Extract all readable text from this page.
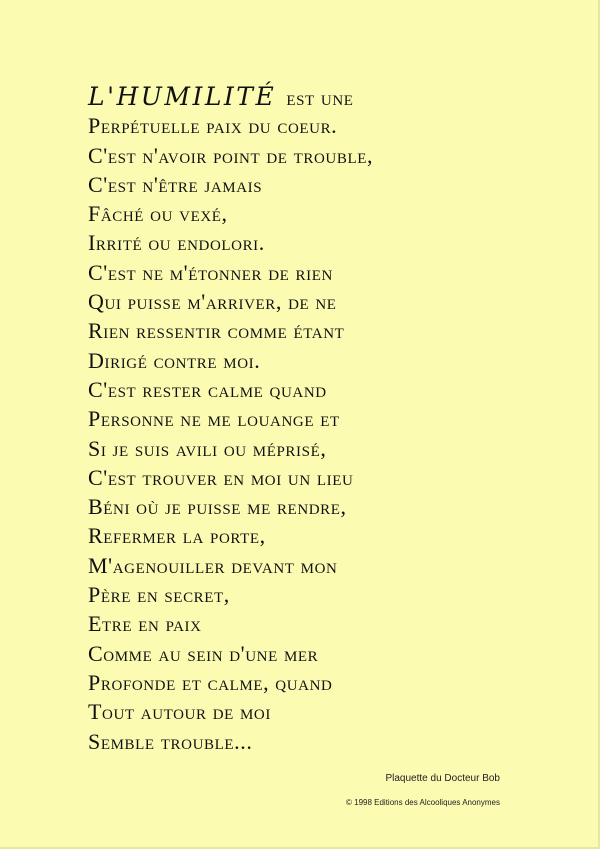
L'HUMILITÉ est une
Perpétuelle paix du coeur.
C'est n'avoir point de trouble,
C'est n'être jamais
Fâché ou vexé,
Irrité ou endolori.
C'est ne m'étonner de rien
Qui puisse m'arriver, de ne
Rien ressentir comme étant
Dirigé contre moi.
C'est rester calme quand
Personne ne me louange et
Si je suis avili ou méprisé,
C'est trouver en moi un lieu
Béni où je puisse me rendre,
Refermer la porte,
M'agenouiller devant mon
Père en secret,
Etre en paix
Comme au sein d'une mer
Profonde et calme, quand
Tout autour de moi
Semble trouble...
Plaquette du Docteur Bob
© 1998 Editions des Alcooliques Anonymes
